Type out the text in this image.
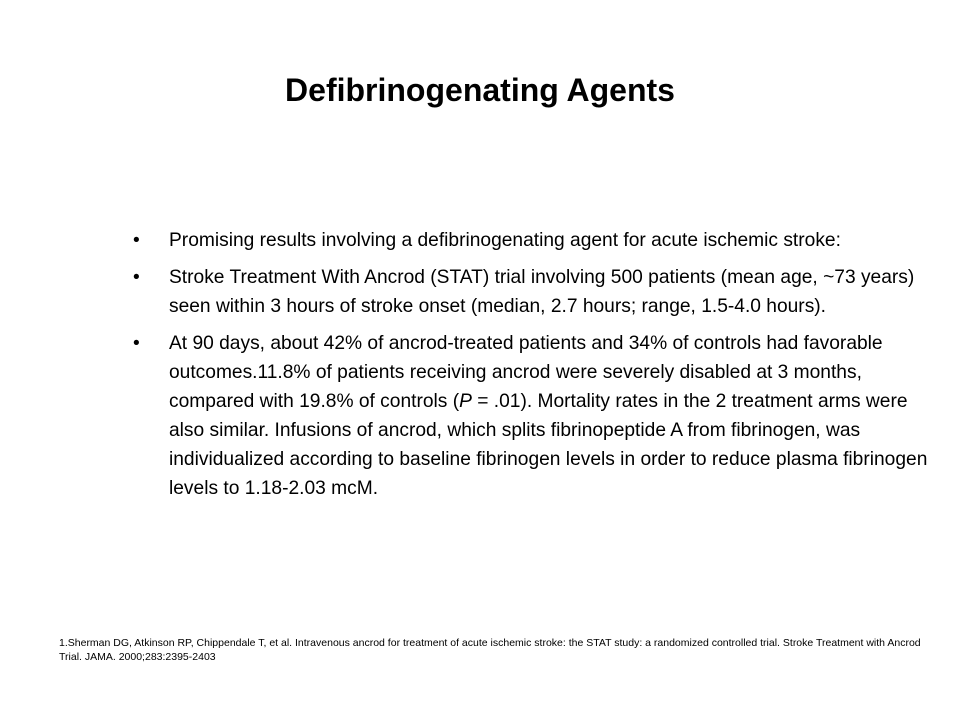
Defibrinogenating Agents
• Promising results involving a defibrinogenating agent for acute ischemic stroke:
• Stroke Treatment With Ancrod (STAT) trial involving 500 patients (mean age, ~73 years) seen within 3 hours of stroke onset (median, 2.7 hours; range, 1.5-4.0 hours).
• At 90 days, about 42% of ancrod-treated patients and 34% of controls had favorable outcomes.11.8% of patients receiving ancrod were severely disabled at 3 months, compared with 19.8% of controls (P = .01). Mortality rates in the 2 treatment arms were also similar. Infusions of ancrod, which splits fibrinopeptide A from fibrinogen, was individualized according to baseline fibrinogen levels in order to reduce plasma fibrinogen levels to 1.18-2.03 mcM.

1.Sherman DG, Atkinson RP, Chippendale T, et al. Intravenous ancrod for treatment of acute ischemic stroke: the STAT study: a randomized controlled trial. Stroke Treatment with Ancrod Trial. JAMA. 2000;283:2395-2403
